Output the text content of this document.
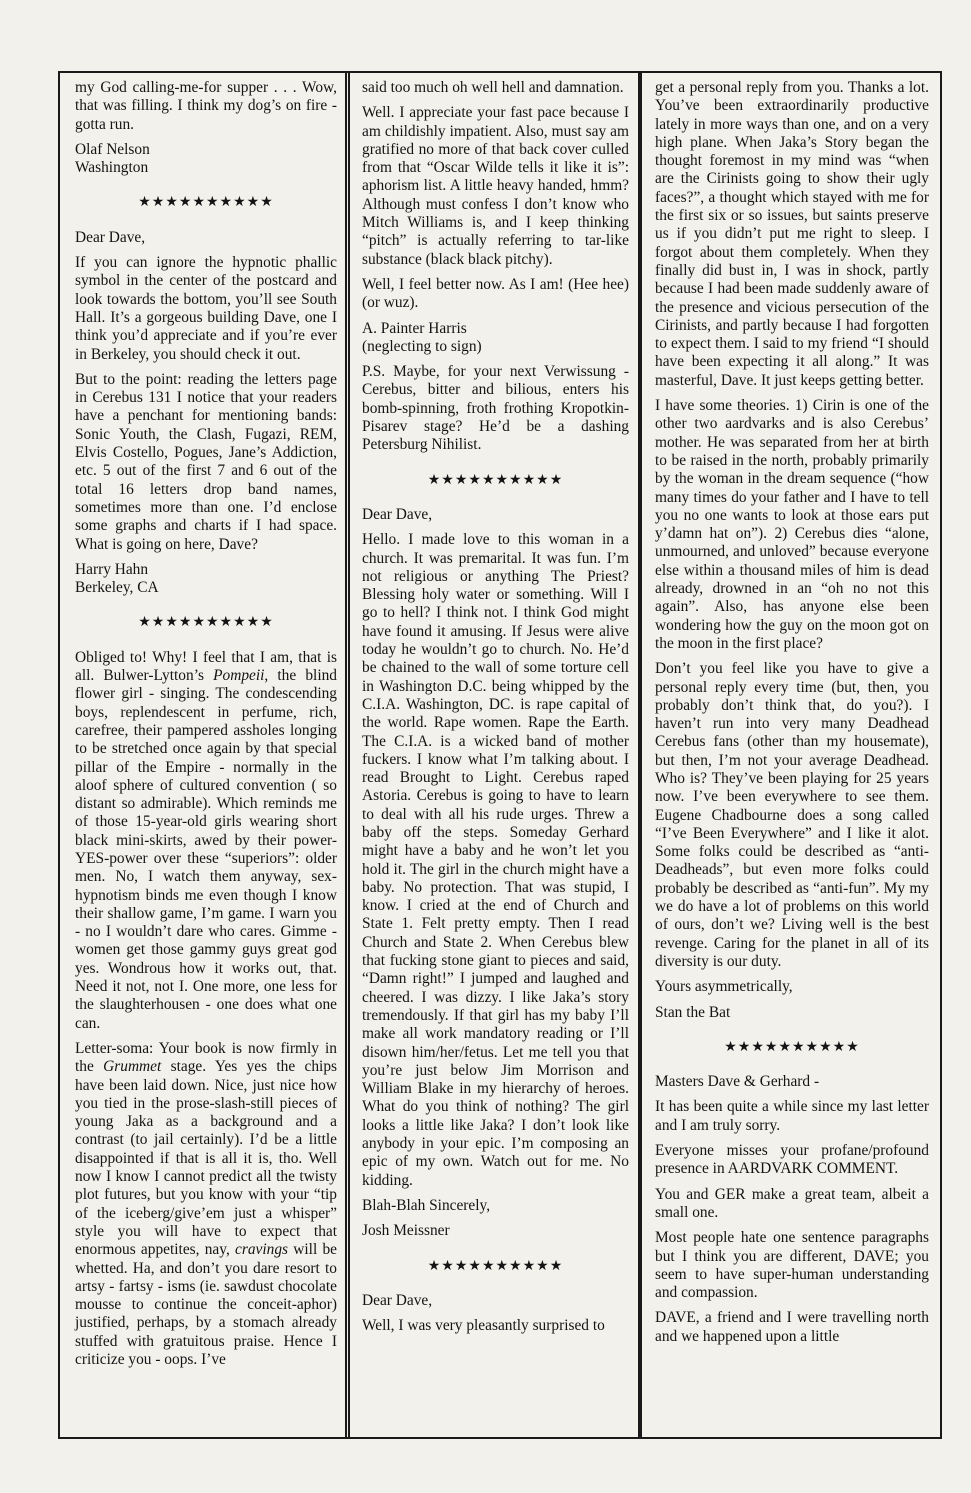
my God calling-me-for supper . . . Wow, that was filling. I think my dog’s on fire - gotta run.

Olaf Nelson
Washington

★★★★★★★★★★

Dear Dave,

If you can ignore the hypnotic phallic symbol in the center of the postcard and look towards the bottom, you’ll see South Hall. It’s a gorgeous building Dave, one I think you’d appreciate and if you’re ever in Berkeley, you should check it out.

But to the point: reading the letters page in Cerebus 131 I notice that your readers have a penchant for mentioning bands: Sonic Youth, the Clash, Fugazi, REM, Elvis Costello, Pogues, Jane’s Addiction, etc. 5 out of the first 7 and 6 out of the total 16 letters drop band names, sometimes more than one. I’d enclose some graphs and charts if I had space. What is going on here, Dave?

Harry Hahn
Berkeley, CA

★★★★★★★★★★

Obliged to! Why! I feel that I am, that is all. Bulwer-Lytton’s Pompeii, the blind flower girl - singing. The condescending boys, replendescent in perfume, rich, carefree, their pampered assholes longing to be stretched once again by that special pillar of the Empire - normally in the aloof sphere of cultured convention ( so distant so admirable). Which reminds me of those 15-year-old girls wearing short black mini-skirts, awed by their power-YES-power over these “superiors”: older men. No, I watch them anyway, sex-hypnotism binds me even though I know their shallow game, I’m game. I warn you - no I wouldn’t dare who cares. Gimme - women get those gammy guys great god yes. Wondrous how it works out, that. Need it not, not I. One more, one less for the slaughterhousen - one does what one can.

Letter-soma: Your book is now firmly in the Grummet stage. Yes yes the chips have been laid down. Nice, just nice how you tied in the prose-slash-still pieces of young Jaka as a background and a contrast (to jail certainly). I’d be a little disappointed if that is all it is, tho. Well now I know I cannot predict all the twisty plot futures, but you know with your “tip of the iceberg/give’em just a whisper” style you will have to expect that enormous appetites, nay, cravings will be whetted. Ha, and don’t you dare resort to artsy - fartsy - isms (ie. sawdust chocolate mousse to continue the conceit-aphor) justified, perhaps, by a stomach already stuffed with gratuitous praise. Hence I criticize you - oops. I’ve

said too much oh well hell and damnation.

Well. I appreciate your fast pace because I am childishly impatient. Also, must say am gratified no more of that back cover culled from that “Oscar Wilde tells it like it is”: aphorism list. A little heavy handed, hmm? Although must confess I don’t know who Mitch Williams is, and I keep thinking “pitch” is actually referring to tar-like substance (black black pitchy).

Well, I feel better now. As I am! (Hee hee) (or wuz).

A. Painter Harris
(neglecting to sign)

P.S. Maybe, for your next Verwissung - Cerebus, bitter and bilious, enters his bomb-spinning, froth frothing Kropotkin-Pisarev stage? He’d be a dashing Petersburg Nihilist.

★★★★★★★★★★

Dear Dave,

Hello. I made love to this woman in a church. It was premarital. It was fun. I’m not religious or anything The Priest? Blessing holy water or something. Will I go to hell? I think not. I think God might have found it amusing. If Jesus were alive today he wouldn’t go to church. No. He’d be chained to the wall of some torture cell in Washington D.C. being whipped by the C.I.A. Washington, DC. is rape capital of the world. Rape women. Rape the Earth. The C.I.A. is a wicked band of mother fuckers. I know what I’m talking about. I read Brought to Light. Cerebus raped Astoria. Cerebus is going to have to learn to deal with all his rude urges. Threw a baby off the steps. Someday Gerhard might have a baby and he won’t let you hold it. The girl in the church might have a baby. No protection. That was stupid, I know. I cried at the end of Church and State 1. Felt pretty empty. Then I read Church and State 2. When Cerebus blew that fucking stone giant to pieces and said, “Damn right!” I jumped and laughed and cheered. I was dizzy. I like Jaka’s story tremendously. If that girl has my baby I’ll make all work mandatory reading or I’ll disown him/her/fetus. Let me tell you that you’re just below Jim Morrison and William Blake in my hierarchy of heroes. What do you think of nothing? The girl looks a little like Jaka? I don’t look like anybody in your epic. I’m composing an epic of my own. Watch out for me. No kidding.

Blah-Blah Sincerely,

Josh Meissner

★★★★★★★★★★

Dear Dave,

Well, I was very pleasantly surprised to

get a personal reply from you. Thanks a lot. You’ve been extraordinarily productive lately in more ways than one, and on a very high plane. When Jaka’s Story began the thought foremost in my mind was “when are the Cirinists going to show their ugly faces?”, a thought which stayed with me for the first six or so issues, but saints preserve us if you didn’t put me right to sleep. I forgot about them completely. When they finally did bust in, I was in shock, partly because I had been made suddenly aware of the presence and vicious persecution of the Cirinists, and partly because I had forgotten to expect them. I said to my friend “I should have been expecting it all along.” It was masterful, Dave. It just keeps getting better.

I have some theories. 1) Cirin is one of the other two aardvarks and is also Cerebus’ mother. He was separated from her at birth to be raised in the north, probably primarily by the woman in the dream sequence (“how many times do your father and I have to tell you no one wants to look at those ears put y’damn hat on”). 2) Cerebus dies “alone, unmourned, and unloved” because everyone else within a thousand miles of him is dead already, drowned in an “oh no not this again”. Also, has anyone else been wondering how the guy on the moon got on the moon in the first place?

Don’t you feel like you have to give a personal reply every time (but, then, you probably don’t think that, do you?). I haven’t run into very many Deadhead Cerebus fans (other than my housemate), but then, I’m not your average Deadhead. Who is? They’ve been playing for 25 years now. I’ve been everywhere to see them. Eugene Chadbourne does a song called “I’ve Been Everywhere” and I like it alot. Some folks could be described as “anti-Deadheads”, but even more folks could probably be described as “anti-fun”. My my we do have a lot of problems on this world of ours, don’t we? Living well is the best revenge. Caring for the planet in all of its diversity is our duty.

Yours asymmetrically,

Stan the Bat

★★★★★★★★★★

Masters Dave & Gerhard -

It has been quite a while since my last letter and I am truly sorry.

Everyone misses your profane/profound presence in AARDVARK COMMENT.

You and GER make a great team, albeit a small one.

Most people hate one sentence paragraphs but I think you are different, DAVE; you seem to have super-human understanding and compassion.

DAVE, a friend and I were travelling north and we happened upon a little
